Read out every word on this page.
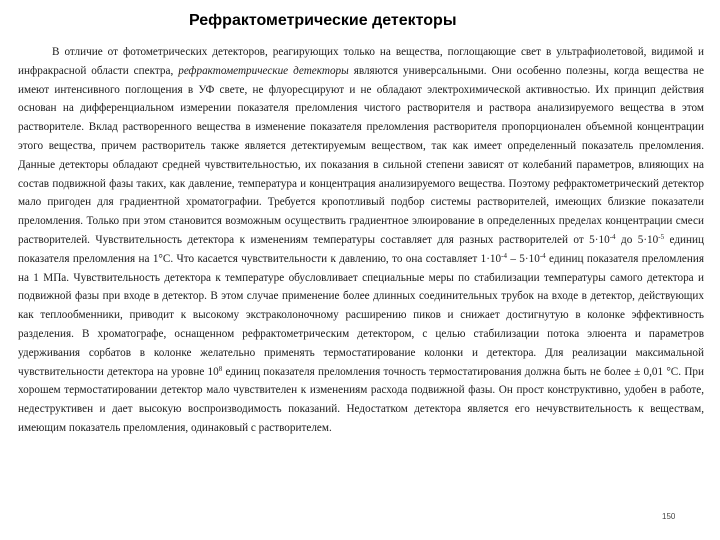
Рефрактометрические детекторы

В отличие от фотометрических детекторов, реагирующих только на вещества, поглощающие свет в ультрафиолетовой, видимой и инфракрасной области спектра, рефрактометрические детекторы являются универсальными. Они особенно полезны, когда вещества не имеют интенсивного поглощения в УФ свете, не флуоресцируют и не обладают электрохимической активностью. Их принцип действия основан на дифференциальном измерении показателя преломления чистого растворителя и раствора анализируемого вещества в этом растворителе. Вклад растворенного вещества в изменение показателя преломления растворителя пропорционален объемной концентрации этого вещества, причем растворитель также является детектируемым веществом, так как имеет определенный показатель преломления. Данные детекторы обладают средней чувствительностью, их показания в сильной степени зависят от колебаний параметров, влияющих на состав подвижной фазы таких, как давление, температура и концентрация анализируемого вещества. Поэтому рефрактометрический детектор мало пригоден для градиентной хроматографии. Требуется кропотливый подбор системы растворителей, имеющих близкие показатели преломления. Только при этом становится возможным осуществить градиентное элюирование в определенных пределах концентрации смеси растворителей. Чувствительность детектора к изменениям температуры составляет для разных растворителей от $5\cdot 10^{-4}$ до $5\cdot 10^{-5}$ единиц показателя преломления на 1°С. Что касается чувствительности к давлению, то она составляет $1\cdot 10^{-4} - 5\cdot 10^{-4}$ единиц показателя преломления на 1 МПа. Чувствительность детектора к температуре обусловливает специальные меры по стабилизации температуры самого детектора и подвижной фазы при входе в детектор. В этом случае применение более длинных соединительных трубок на входе в детектор, действующих как теплообменники, приводит к высокому экстраколоночному расширению пиков и снижает достигнутую в колонке эффективность разделения. В хроматографе, оснащенном рефрактометрическим детектором, с целью стабилизации потока элюента и параметров удерживания сорбатов в колонке желательно применять термостатирование колонки и детектора. Для реализации максимальной чувствительности детектора на уровне $10^8$ единиц показателя преломления точность термостатирования должна быть не более ± 0,01 °С. При хорошем термостатировании детектор мало чувствителен к изменениям расхода подвижной фазы. Он прост конструктивно, удобен в работе, недеструктивен и дает высокую воспроизводимость показаний. Недостатком детектора является его нечувствительность к веществам, имеющим показатель преломления, одинаковый с растворителем.

150
